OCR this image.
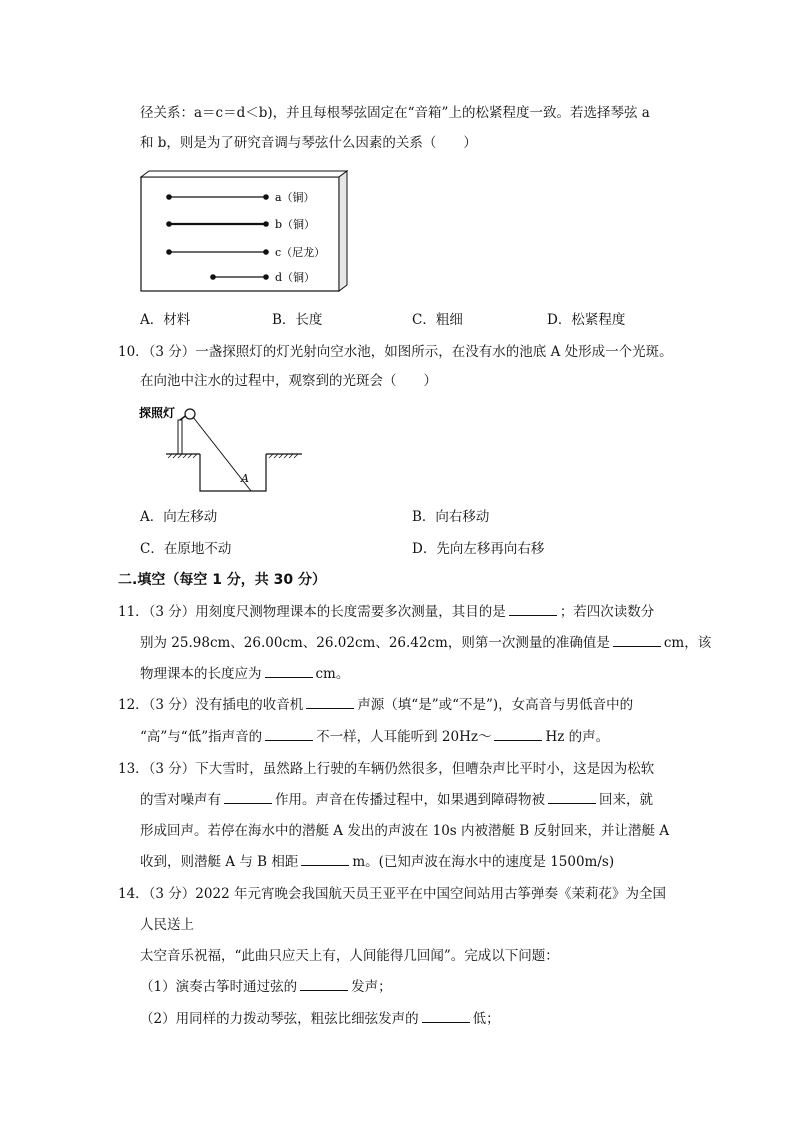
径关系：a＝c＝d＜b)，并且每根琴弦固定在“音箱”上的松紧程度一致。若选择琴弦 a
和 b，则是为了研究音调与琴弦什么因素的关系（　　）
a（铜）
b（铜）
c（尼龙）
d（铜）
A．材料	B．长度	C．粗细	D．松紧程度
10．（3 分）一盏探照灯的灯光射向空水池，如图所示，在没有水的池底 A 处形成一个光斑。
在向池中注水的过程中，观察到的光斑会（　　）
探照灯
A
A．向左移动	B．向右移动
C．在原地不动	D．先向左移再向右移
二.填空（每空 1 分，共 30 分）
11．（3 分）用刻度尺测物理课本的长度需要多次测量，其目的是	；若四次读数分
别为 25.98cm、26.00cm、26.02cm、26.42cm，则第一次测量的准确值是	cm，该
物理课本的长度应为	cm。
12．（3 分）没有插电的收音机	声源（填“是”或“不是”)，女高音与男低音中的
“高”与“低”指声音的	不一样，人耳能听到 20Hz～	Hz 的声。
13．（3 分）下大雪时，虽然路上行驶的车辆仍然很多，但嘈杂声比平时小，这是因为松软
的雪对噪声有	作用。声音在传播过程中，如果遇到障碍物被	回来，就
形成回声。若停在海水中的潜艇 A 发出的声波在 10s 内被潜艇 B 反射回来，并让潜艇 A
收到，则潜艇 A 与 B 相距	m。(已知声波在海水中的速度是 1500m/s)
14．（3 分）2022 年元宵晚会我国航天员王亚平在中国空间站用古筝弹奏《茉莉花》为全国
人民送上
太空音乐祝福，“此曲只应天上有，人间能得几回闻”。完成以下问题：
（1）演奏古筝时通过弦的	发声；
（2）用同样的力拨动琴弦，粗弦比细弦发声的	低；
